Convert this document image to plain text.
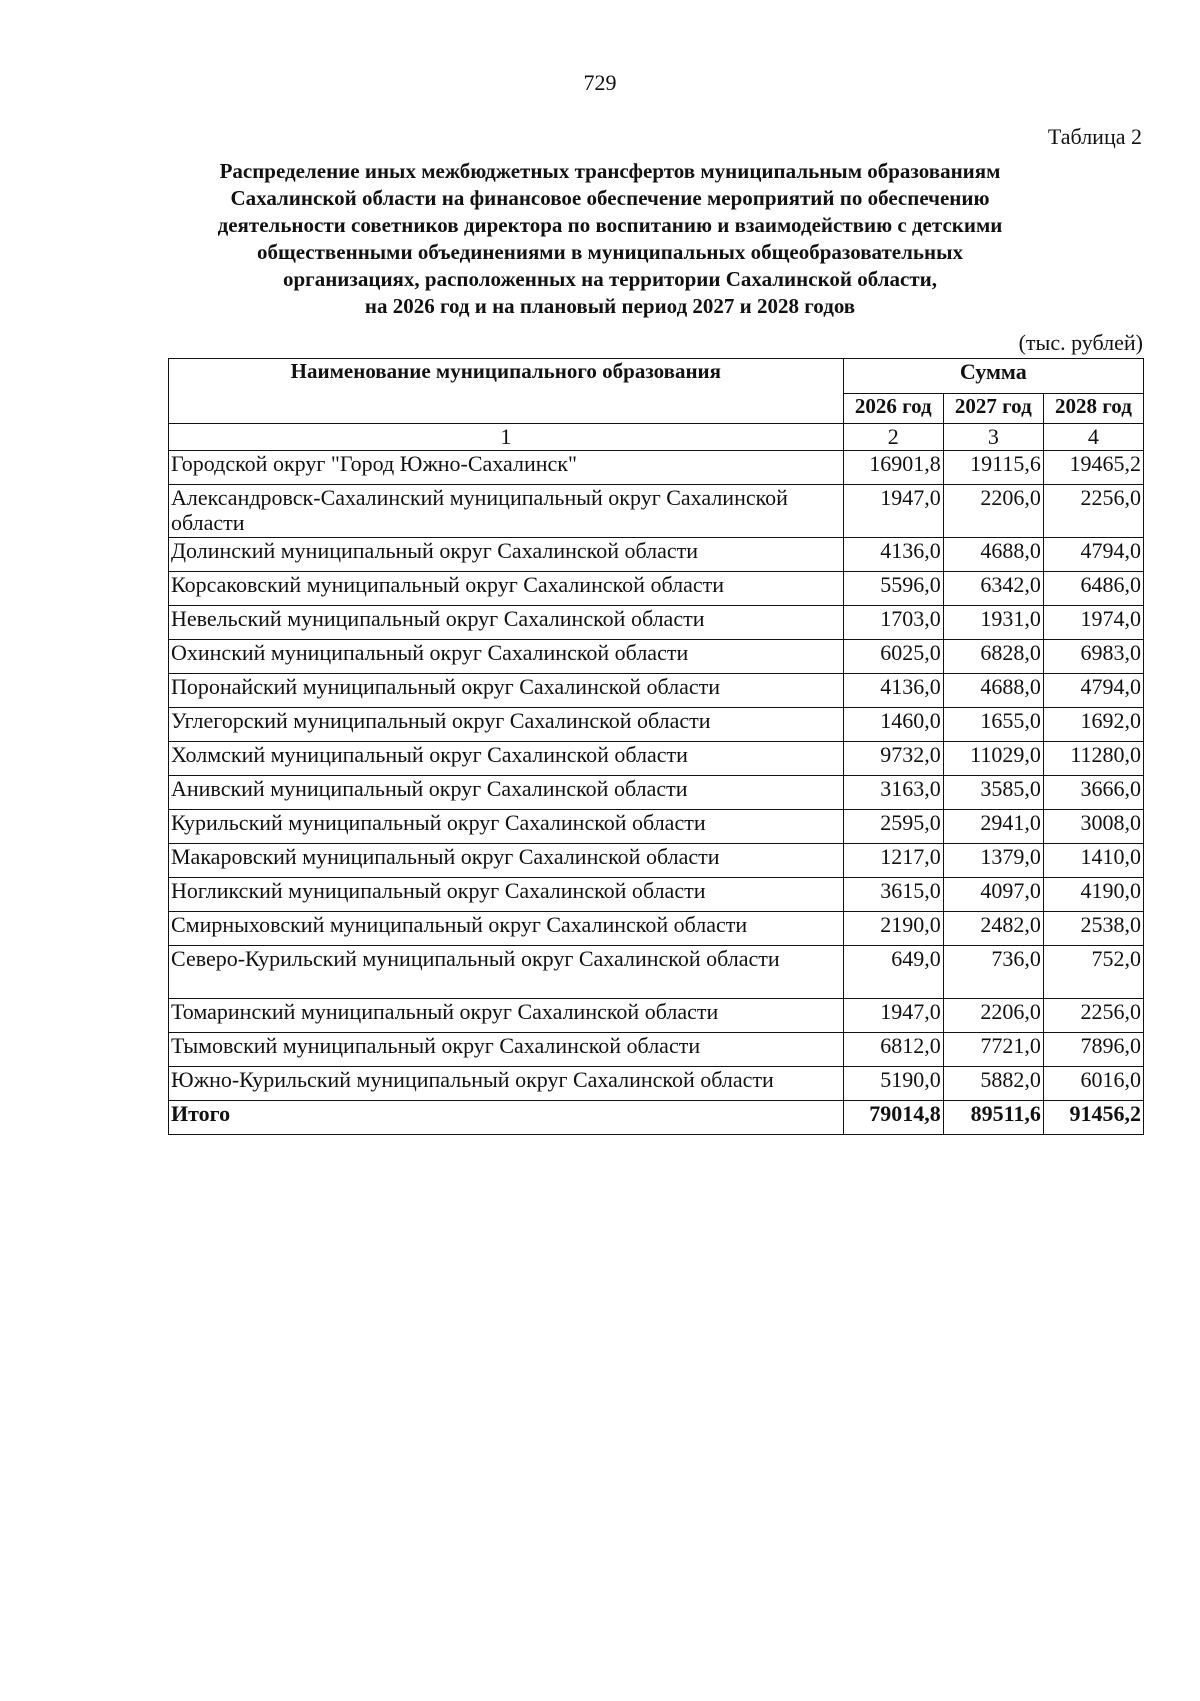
729
Таблица 2
Распределение иных межбюджетных трансфертов муниципальным образованиям
Сахалинской области на финансовое обеспечение мероприятий по обеспечению
деятельности советников директора по воспитанию и взаимодействию с детскими
общественными объединениями в муниципальных общеобразовательных
организациях, расположенных на территории Сахалинской области,
на 2026 год и на плановый период 2027 и 2028 годов
(тыс. рублей)
Наименование муниципального образования	Сумма		
	2026 год	2027 год	2028 год
1	2	3	4
Городской округ "Город Южно-Сахалинск"	16901,8	19115,6	19465,2
Александровск-Сахалинский муниципальный округ Сахалинской области	1947,0	2206,0	2256,0
Долинский муниципальный округ Сахалинской области	4136,0	4688,0	4794,0
Корсаковский муниципальный округ Сахалинской области	5596,0	6342,0	6486,0
Невельский муниципальный округ Сахалинской области	1703,0	1931,0	1974,0
Охинский муниципальный округ Сахалинской области	6025,0	6828,0	6983,0
Поронайский муниципальный округ Сахалинской области	4136,0	4688,0	4794,0
Углегорский муниципальный округ Сахалинской области	1460,0	1655,0	1692,0
Холмский муниципальный округ Сахалинской области	9732,0	11029,0	11280,0
Анивский муниципальный округ Сахалинской области	3163,0	3585,0	3666,0
Курильский муниципальный округ Сахалинской области	2595,0	2941,0	3008,0
Макаровский муниципальный округ Сахалинской области	1217,0	1379,0	1410,0
Ногликский муниципальный округ Сахалинской области	3615,0	4097,0	4190,0
Смирныховский муниципальный округ Сахалинской области	2190,0	2482,0	2538,0
Северо-Курильский муниципальный округ Сахалинской области	649,0	736,0	752,0
Томаринский муниципальный округ Сахалинской области	1947,0	2206,0	2256,0
Тымовский муниципальный округ Сахалинской области	6812,0	7721,0	7896,0
Южно-Курильский муниципальный округ Сахалинской области	5190,0	5882,0	6016,0
Итого	79014,8	89511,6	91456,2
